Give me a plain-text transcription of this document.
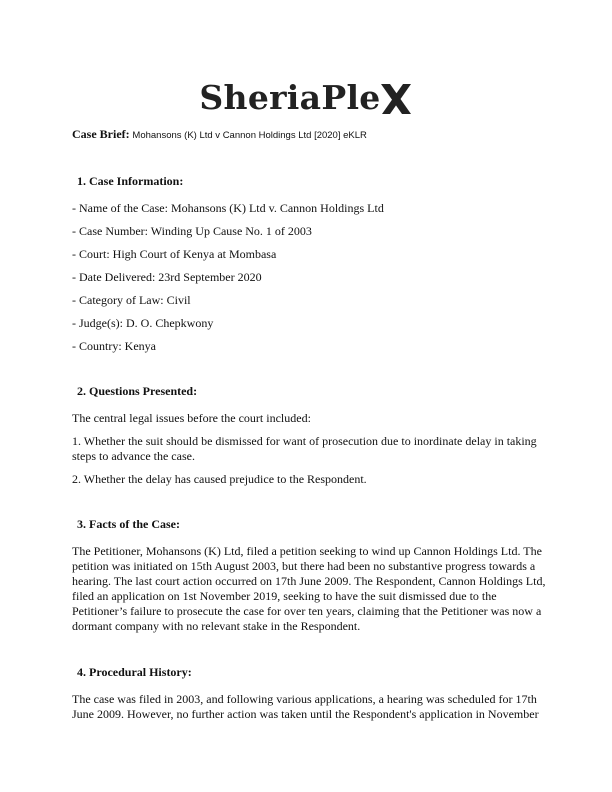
SheriaPle
Case Brief: Mohansons (K) Ltd v Cannon Holdings Ltd [2020] eKLR
1. Case Information:
- Name of the Case: Mohansons (K) Ltd v. Cannon Holdings Ltd
- Case Number: Winding Up Cause No. 1 of 2003
- Court: High Court of Kenya at Mombasa
- Date Delivered: 23rd September 2020
- Category of Law: Civil
- Judge(s): D. O. Chepkwony
- Country: Kenya
2. Questions Presented:
The central legal issues before the court included:
1. Whether the suit should be dismissed for want of prosecution due to inordinate delay in taking steps to advance the case.
2. Whether the delay has caused prejudice to the Respondent.
3. Facts of the Case:
The Petitioner, Mohansons (K) Ltd, filed a petition seeking to wind up Cannon Holdings Ltd. The petition was initiated on 15th August 2003, but there had been no substantive progress towards a hearing. The last court action occurred on 17th June 2009. The Respondent, Cannon Holdings Ltd, filed an application on 1st November 2019, seeking to have the suit dismissed due to the Petitioner’s failure to prosecute the case for over ten years, claiming that the Petitioner was now a dormant company with no relevant stake in the Respondent.
4. Procedural History:
The case was filed in 2003, and following various applications, a hearing was scheduled for 17th June 2009. However, no further action was taken until the Respondent's application in November
